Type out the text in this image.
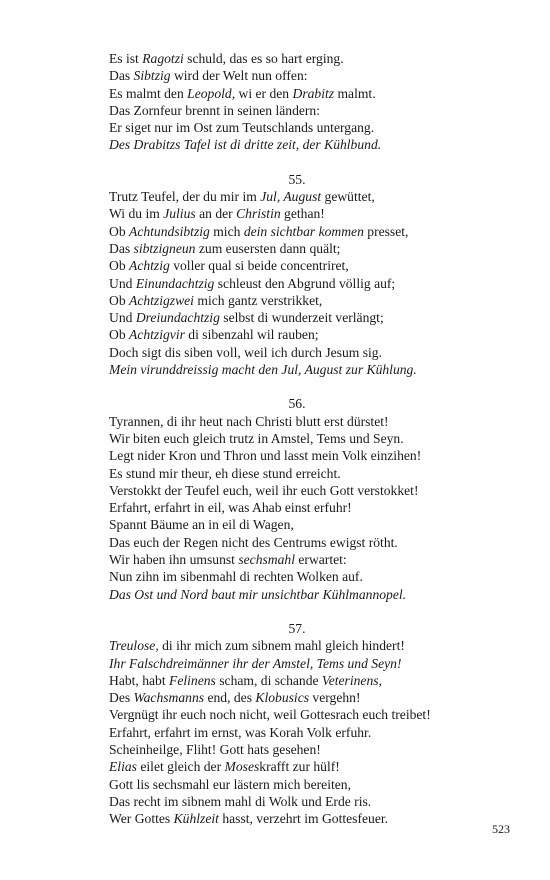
Es ist Ragotzi schuld, das es so hart erging.
Das Sibtzig wird der Welt nun offen:
Es malmt den Leopold, wi er den Drabitz malmt.
Das Zornfeur brennt in seinen ländern:
Er siget nur im Ost zum Teutschlands untergang.
Des Drabitzs Tafel ist di dritte zeit, der Kühlbund.
55.
Trutz Teufel, der du mir im Jul, August gewüttet,
Wi du im Julius an der Christin gethan!
Ob Achtundsibtzig mich dein sichtbar kommen presset,
Das sibtzigneun zum eusersten dann quält;
Ob Achtzig voller qual si beide concentriret,
Und Einundachtzig schleust den Abgrund völlig auf;
Ob Achtzigzwei mich gantz verstrikket,
Und Dreiundachtzig selbst di wunderzeit verlängt;
Ob Achtzigvir di sibenzahl wil rauben;
Doch sigt dis siben voll, weil ich durch Jesum sig.
Mein virunddreissig macht den Jul, August zur Kühlung.
56.
Tyrannen, di ihr heut nach Christi blutt erst dürstet!
Wir biten euch gleich trutz in Amstel, Tems und Seyn.
Legt nider Kron und Thron und lasst mein Volk einzihen!
Es stund mir theur, eh diese stund erreicht.
Verstokkt der Teufel euch, weil ihr euch Gott verstokket!
Erfahrt, erfahrt in eil, was Ahab einst erfuhr!
Spannt Bäume an in eil di Wagen,
Das euch der Regen nicht des Centrums ewigst rötht.
Wir haben ihn umsunst sechsmahl erwartet:
Nun zihn im sibenmahl di rechten Wolken auf.
Das Ost und Nord baut mir unsichtbar Kühlmannopel.
57.
Treulose, di ihr mich zum sibnem mahl gleich hindert!
Ihr Falschdreimänner ihr der Amstel, Tems und Seyn!
Habt, habt Felinens scham, di schande Veterinens,
Des Wachsmanns end, des Klobusics vergehn!
Vergnügt ihr euch noch nicht, weil Gottesrach euch treibet!
Erfahrt, erfahrt im ernst, was Korah Volk erfuhr.
Scheinheilge, Fliht! Gott hats gesehen!
Elias eilet gleich der Moseskrafft zur hülf!
Gott lis sechsmahl eur lästern mich bereiten,
Das recht im sibnem mahl di Wolk und Erde ris.
Wer Gottes Kühlzeit hasst, verzehrt im Gottesfeuer.
523
